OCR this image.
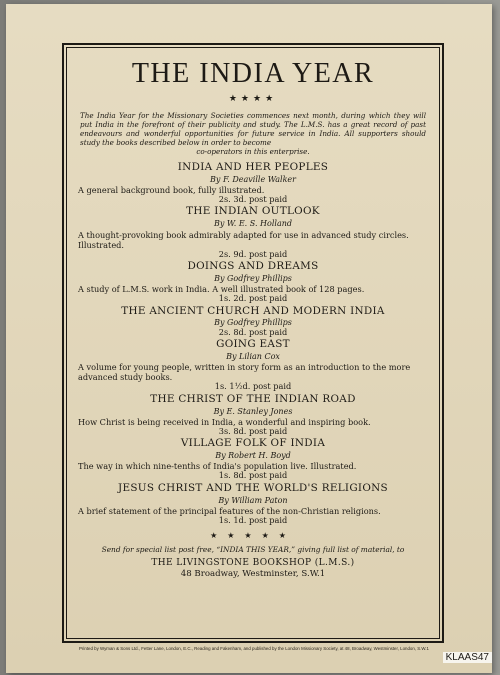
THE INDIA YEAR
★★★★
The India Year for the Missionary Societies commences next month, during which they will put India in the forefront of their publicity and study. The L.M.S. has a great record of past endeavours and wonderful opportunities for future service in India. All supporters should study the books described below in order to become
co-operators in this enterprise.
INDIA AND HER PEOPLES
By F. Deaville Walker
A general background book, fully illustrated.
2s. 3d. post paid
THE INDIAN OUTLOOK
By W. E. S. Holland
A thought-provoking book admirably adapted for use in advanced study circles. Illustrated.
2s. 9d. post paid
DOINGS AND DREAMS
By Godfrey Phillips
A study of L.M.S. work in India. A well illustrated book of 128 pages.
1s. 2d. post paid
THE ANCIENT CHURCH AND MODERN INDIA
By Godfrey Phillips
2s. 8d. post paid
GOING EAST
By Lilian Cox
A volume for young people, written in story form as an introduction to the more advanced study books.
1s. 1½d. post paid
THE CHRIST OF THE INDIAN ROAD
By E. Stanley Jones
How Christ is being received in India, a wonderful and inspiring book.
3s. 8d. post paid
VILLAGE FOLK OF INDIA
By Robert H. Boyd
The way in which nine-tenths of India's population live. Illustrated.
1s. 8d. post paid
JESUS CHRIST AND THE WORLD'S RELIGIONS
By William Paton
A brief statement of the principal features of the non-Christian religions.
1s. 1d. post paid
★★★★★
Send for special list post free, “INDIA THIS YEAR,” giving full list of material, to
THE LIVINGSTONE BOOKSHOP (L.M.S.)
48 Broadway, Westminster, S.W.1
Printed by Wyman & Sons Ltd., Fetter Lane, London, E.C., Reading and Fakenham, and published by the London Missionary Society, at 48, Broadway, Westminster, London, S.W.1
KLAAS47
